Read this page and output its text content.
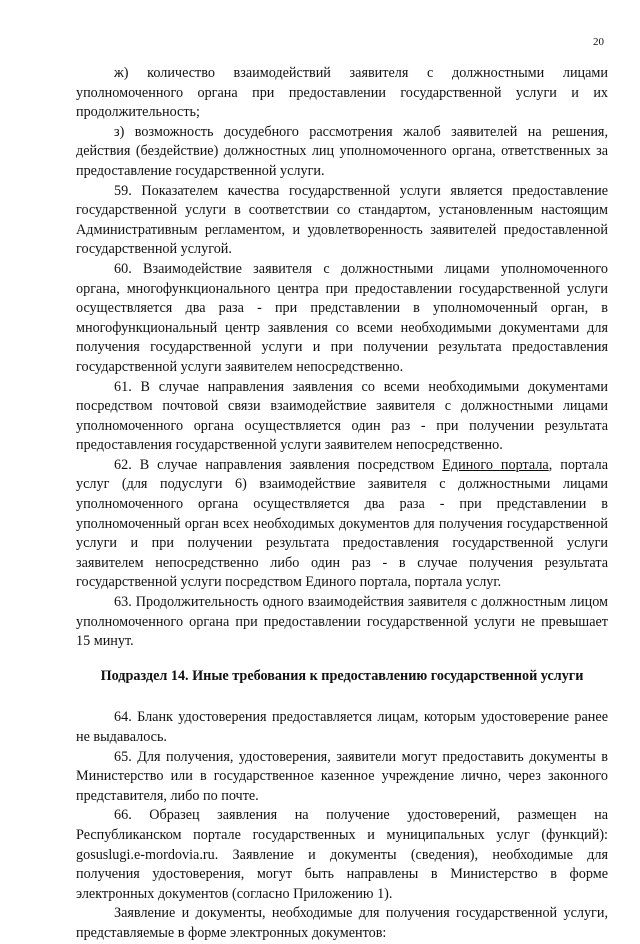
20

ж) количество взаимодействий заявителя с должностными лицами уполномоченного органа при предоставлении государственной услуги и их продолжительность;

з) возможность досудебного рассмотрения жалоб заявителей на решения, действия (бездействие) должностных лиц уполномоченного органа, ответственных за предоставление государственной услуги.

59. Показателем качества государственной услуги является предоставление государственной услуги в соответствии со стандартом, установленным настоящим Административным регламентом, и удовлетворенность заявителей предоставленной государственной услугой.

60. Взаимодействие заявителя с должностными лицами уполномоченного органа, многофункционального центра при предоставлении государственной услуги осуществляется два раза - при представлении в уполномоченный орган, в многофункциональный центр заявления со всеми необходимыми документами для получения государственной услуги и при получении результата предоставления государственной услуги заявителем непосредственно.

61. В случае направления заявления со всеми необходимыми документами посредством почтовой связи взаимодействие заявителя с должностными лицами уполномоченного органа осуществляется один раз - при получении результата предоставления государственной услуги заявителем непосредственно.

62. В случае направления заявления посредством Единого портала, портала услуг (для подуслуги 6) взаимодействие заявителя с должностными лицами уполномоченного органа осуществляется два раза - при представлении в уполномоченный орган всех необходимых документов для получения государственной услуги и при получении результата предоставления государственной услуги заявителем непосредственно либо один раз - в случае получения результата государственной услуги посредством Единого портала, портала услуг.

63. Продолжительность одного взаимодействия заявителя с должностным лицом уполномоченного органа при предоставлении государственной услуги не превышает 15 минут.

Подраздел 14. Иные требования к предоставлению государственной услуги

64. Бланк удостоверения предоставляется лицам, которым удостоверение ранее не выдавалось.

65. Для получения, удостоверения, заявители могут предоставить документы в Министерство или в государственное казенное учреждение лично, через законного представителя, либо по почте.

66. Образец заявления на получение удостоверений, размещен на Республиканском портале государственных и муниципальных услуг (функций): gosuslugi.e-mordovia.ru. Заявление и документы (сведения), необходимые для получения удостоверения, могут быть направлены в Министерство в форме электронных документов (согласно Приложению 1).

Заявление и документы, необходимые для получения государственной услуги, представляемые в форме электронных документов:
